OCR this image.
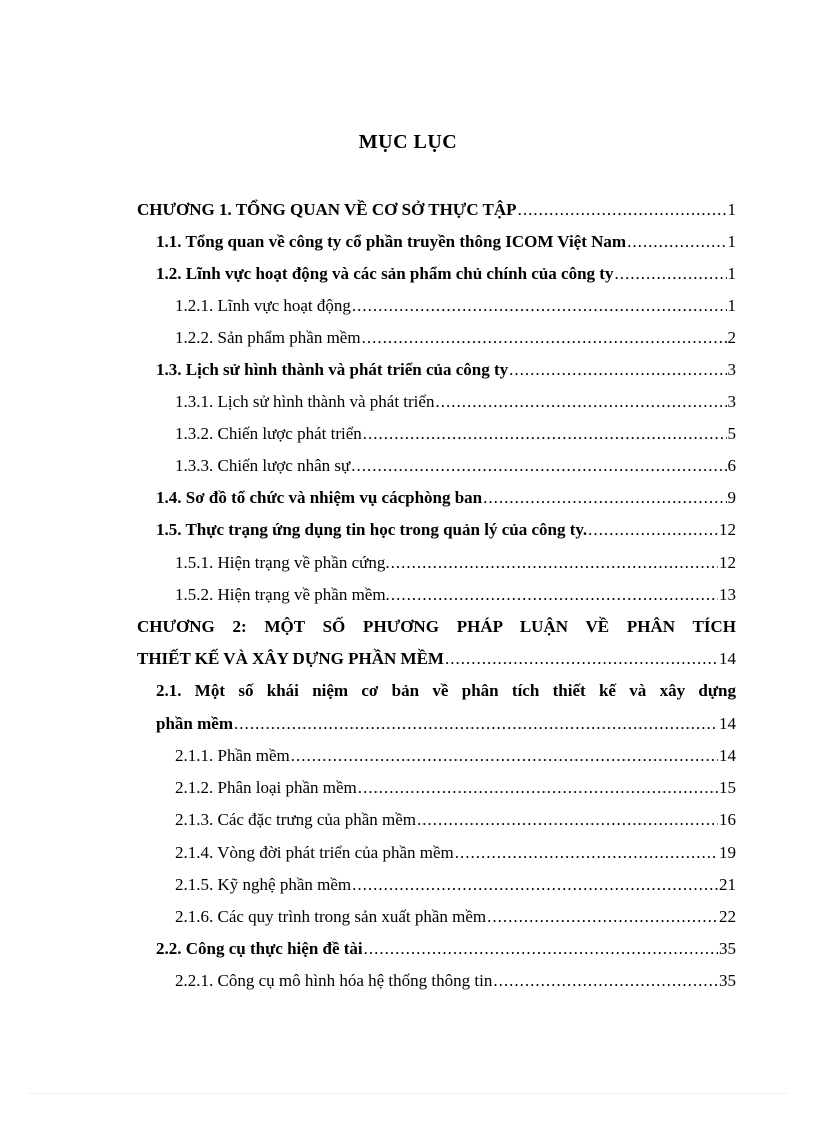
MỤC LỤC
CHƯƠNG 1. TỔNG QUAN VỀ CƠ SỞ THỰC TẬP .....	1
1.1. Tổng quan về công ty cổ phần truyền thông ICOM Việt Nam .....	1
1.2. Lĩnh vực hoạt động và các sản phẩm chủ chính của công ty .....	1
1.2.1. Lĩnh vực hoạt động .....	1
1.2.2. Sản phẩm phần mềm .....	2
1.3. Lịch sử hình thành và phát triển của công ty .....	3
1.3.1. Lịch sử hình thành và phát triển .....	3
1.3.2. Chiến lược phát triển .....	5
1.3.3. Chiến lược nhân sự .....	6
1.4. Sơ đồ tổ chức và nhiệm vụ cácphòng ban .....	9
1.5. Thực trạng ứng dụng tin học trong quản lý của công ty. .....	12
1.5.1. Hiện trạng về phần cứng. .....	12
1.5.2. Hiện trạng về phần mềm. .....	13
CHƯƠNG 2: MỘT SỐ PHƯƠNG PHÁP LUẬN VỀ PHÂN TÍCH
THIẾT KẾ VÀ XÂY DỰNG PHẦN MỀM .....	14
2.1. Một số khái niệm cơ bản về phân tích thiết kế và xây dựng
phần mềm .....	14
2.1.1. Phần mềm .....	14
2.1.2. Phân loại phần mềm .....	15
2.1.3. Các đặc trưng của phần mềm .....	16
2.1.4. Vòng đời phát triển của phần mềm .....	19
2.1.5. Kỹ nghệ phần mềm .....	21
2.1.6. Các quy trình trong sản xuất phần mềm .....	22
2.2. Công cụ thực hiện đề tài .....	35
2.2.1. Công cụ mô hình hóa hệ thống thông tin .....	35
